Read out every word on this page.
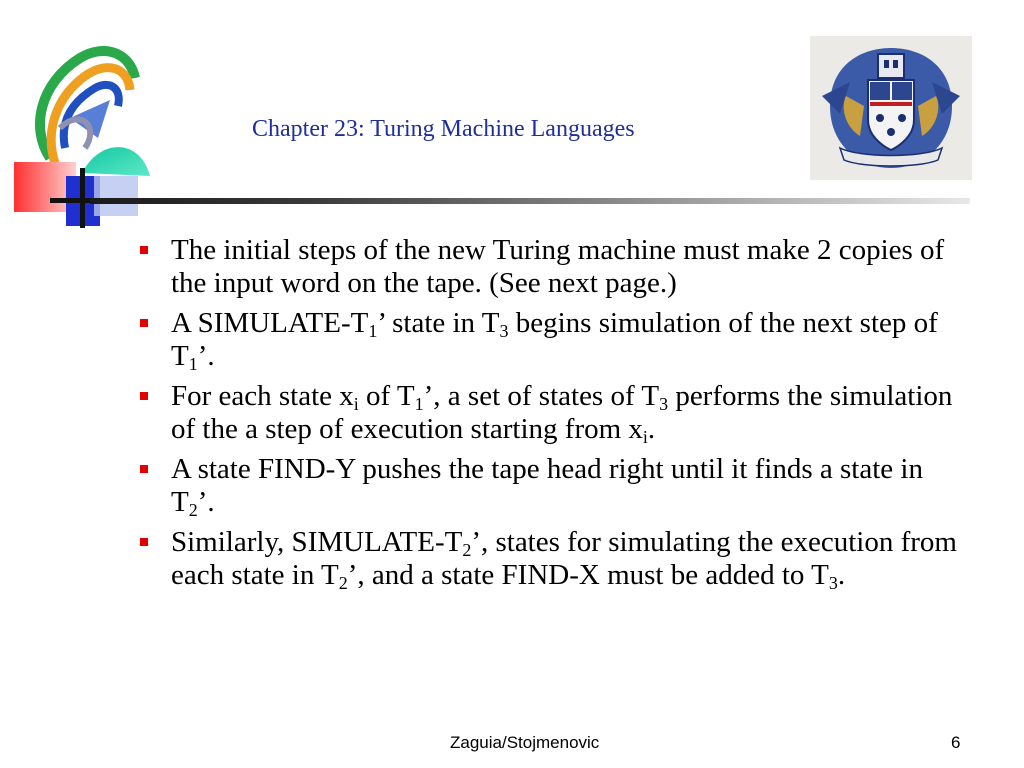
Chapter 23: Turing Machine Languages
The initial steps of the new Turing machine must make 2 copies of the input word on the tape. (See next page.)
A SIMULATE-$T_1$’ state in $T_3$ begins simulation of the next step of $T_1$’.
For each state $x_i$ of $T_1$’, a set of states of $T_3$ performs the simulation of the a step of execution starting from $x_i$.
A state FIND-Y pushes the tape head right until it finds a state in $T_2$’.
Similarly, SIMULATE-$T_2$’, states for simulating the execution from each state in $T_2$’, and a state FIND-X must be added to $T_3$.
Zaguia/Stojmenovic	6
